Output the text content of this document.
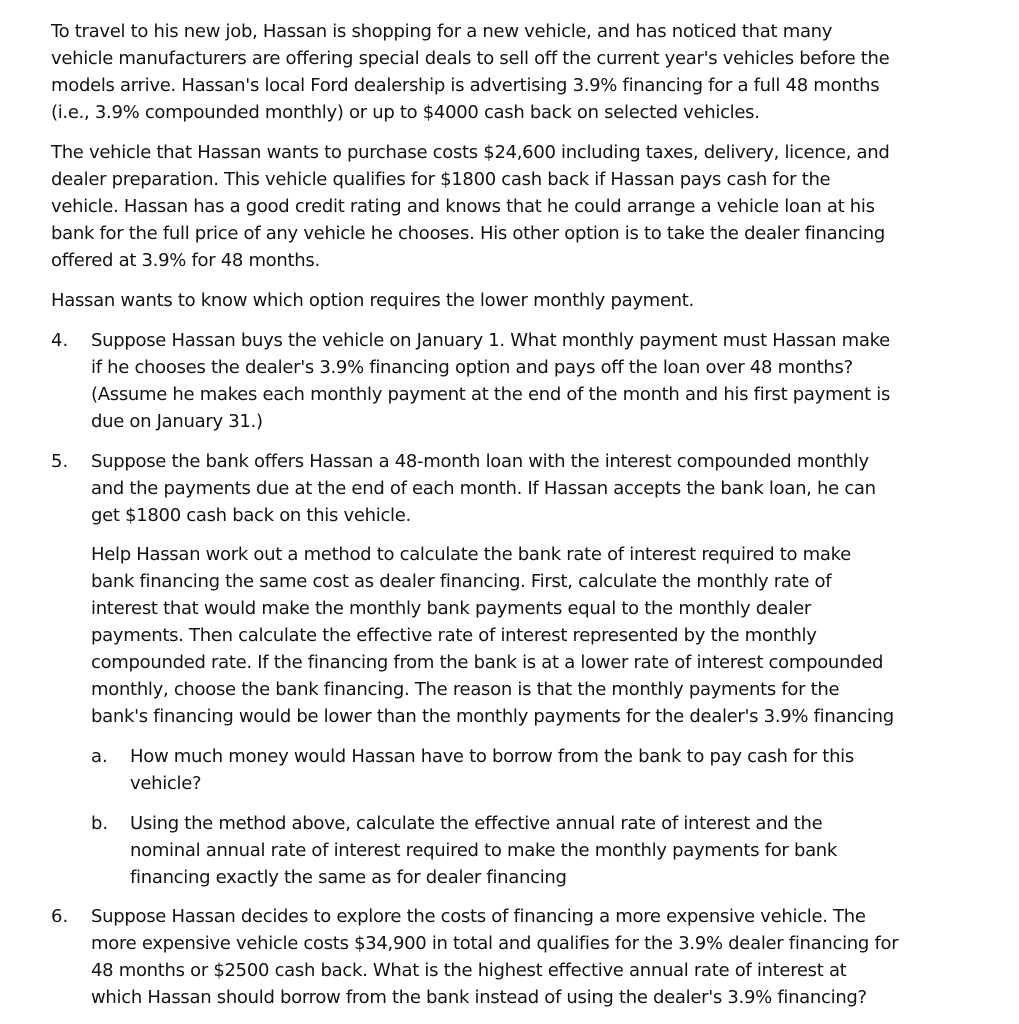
To travel to his new job, Hassan is shopping for a new vehicle, and has noticed that many
vehicle manufacturers are offering special deals to sell off the current year's vehicles before the
models arrive. Hassan's local Ford dealership is advertising 3.9% financing for a full 48 months
(i.e., 3.9% compounded monthly) or up to $4000 cash back on selected vehicles.
The vehicle that Hassan wants to purchase costs $24,600 including taxes, delivery, licence, and
dealer preparation. This vehicle qualifies for $1800 cash back if Hassan pays cash for the
vehicle. Hassan has a good credit rating and knows that he could arrange a vehicle loan at his
bank for the full price of any vehicle he chooses. His other option is to take the dealer financing
offered at 3.9% for 48 months.
Hassan wants to know which option requires the lower monthly payment.
4. Suppose Hassan buys the vehicle on January 1. What monthly payment must Hassan make
if he chooses the dealer's 3.9% financing option and pays off the loan over 48 months?
(Assume he makes each monthly payment at the end of the month and his first payment is
due on January 31.)
5. Suppose the bank offers Hassan a 48-month loan with the interest compounded monthly
and the payments due at the end of each month. If Hassan accepts the bank loan, he can
get $1800 cash back on this vehicle.
Help Hassan work out a method to calculate the bank rate of interest required to make
bank financing the same cost as dealer financing. First, calculate the monthly rate of
interest that would make the monthly bank payments equal to the monthly dealer
payments. Then calculate the effective rate of interest represented by the monthly
compounded rate. If the financing from the bank is at a lower rate of interest compounded
monthly, choose the bank financing. The reason is that the monthly payments for the
bank's financing would be lower than the monthly payments for the dealer's 3.9% financing
a. How much money would Hassan have to borrow from the bank to pay cash for this
vehicle?
b. Using the method above, calculate the effective annual rate of interest and the
nominal annual rate of interest required to make the monthly payments for bank
financing exactly the same as for dealer financing
6. Suppose Hassan decides to explore the costs of financing a more expensive vehicle. The
more expensive vehicle costs $34,900 in total and qualifies for the 3.9% dealer financing for
48 months or $2500 cash back. What is the highest effective annual rate of interest at
which Hassan should borrow from the bank instead of using the dealer's 3.9% financing?
